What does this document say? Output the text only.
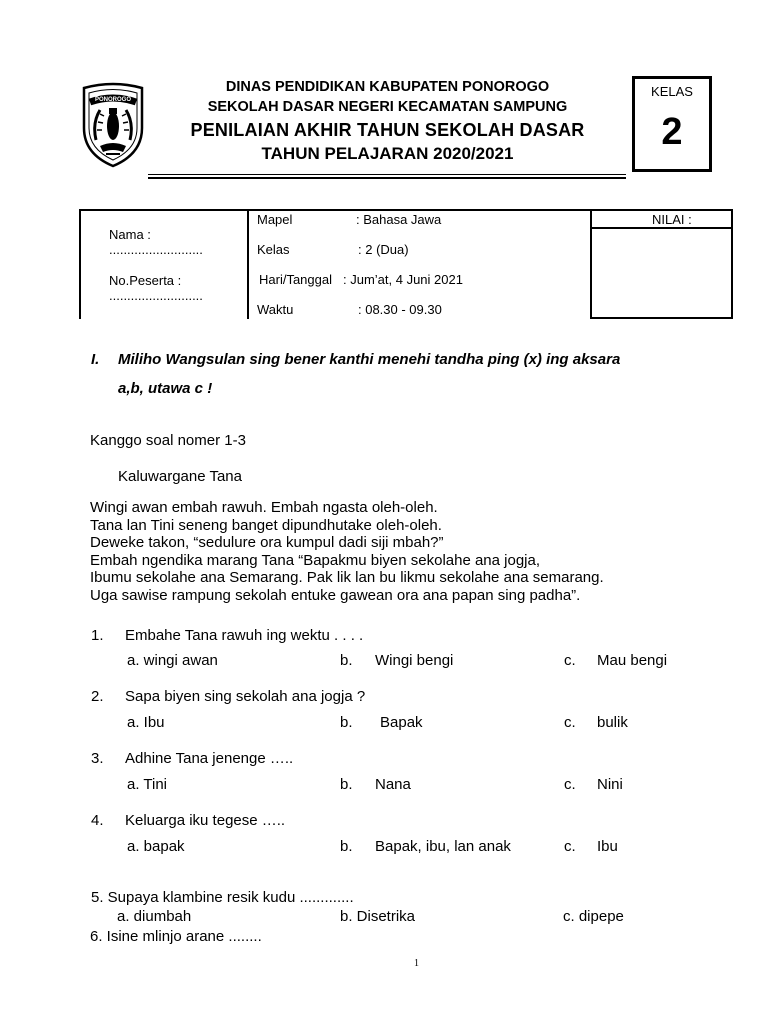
PONOROGO
DINAS PENDIDIKAN KABUPATEN PONOROGO
SEKOLAH DASAR NEGERI KECAMATAN SAMPUNG
PENILAIAN AKHIR TAHUN SEKOLAH DASAR
TAHUN PELAJARAN 2020/2021
KELAS
2
Nama :
..........................
No.Peserta :
..........................
Mapel	: Bahasa Jawa
Kelas	: 2 (Dua)
Hari/Tanggal : Jum’at, 4 Juni 2021
Waktu	: 08.30 - 09.30
NILAI :
I. Miliho Wangsulan sing bener kanthi menehi tandha ping (x) ing aksara
a,b, utawa c !
Kanggo soal nomer 1-3
Kaluwargane Tana
Wingi awan embah rawuh. Embah ngasta oleh-oleh.
Tana lan Tini seneng banget dipundhutake oleh-oleh.
Deweke takon, “sedulure ora kumpul dadi siji mbah?”
Embah ngendika marang Tana “Bapakmu biyen sekolahe ana jogja,
Ibumu sekolahe ana Semarang. Pak lik lan bu likmu sekolahe ana semarang.
Uga sawise rampung sekolah entuke gawean ora ana papan sing padha”.
1. Embahe Tana rawuh ing wektu . . . .
a. wingi awan	b. Wingi bengi	c. Mau bengi
2. Sapa biyen sing sekolah ana jogja ?
a. Ibu	b. Bapak	c. bulik
3. Adhine Tana jenenge …..
a. Tini	b. Nana	c. Nini
4. Keluarga iku tegese …..
a. bapak	b. Bapak, ibu, lan anak	c. Ibu
5. Supaya klambine resik kudu .............
a. diumbah	b. Disetrika	c. dipepe
6. Isine mlinjo arane ........
1
